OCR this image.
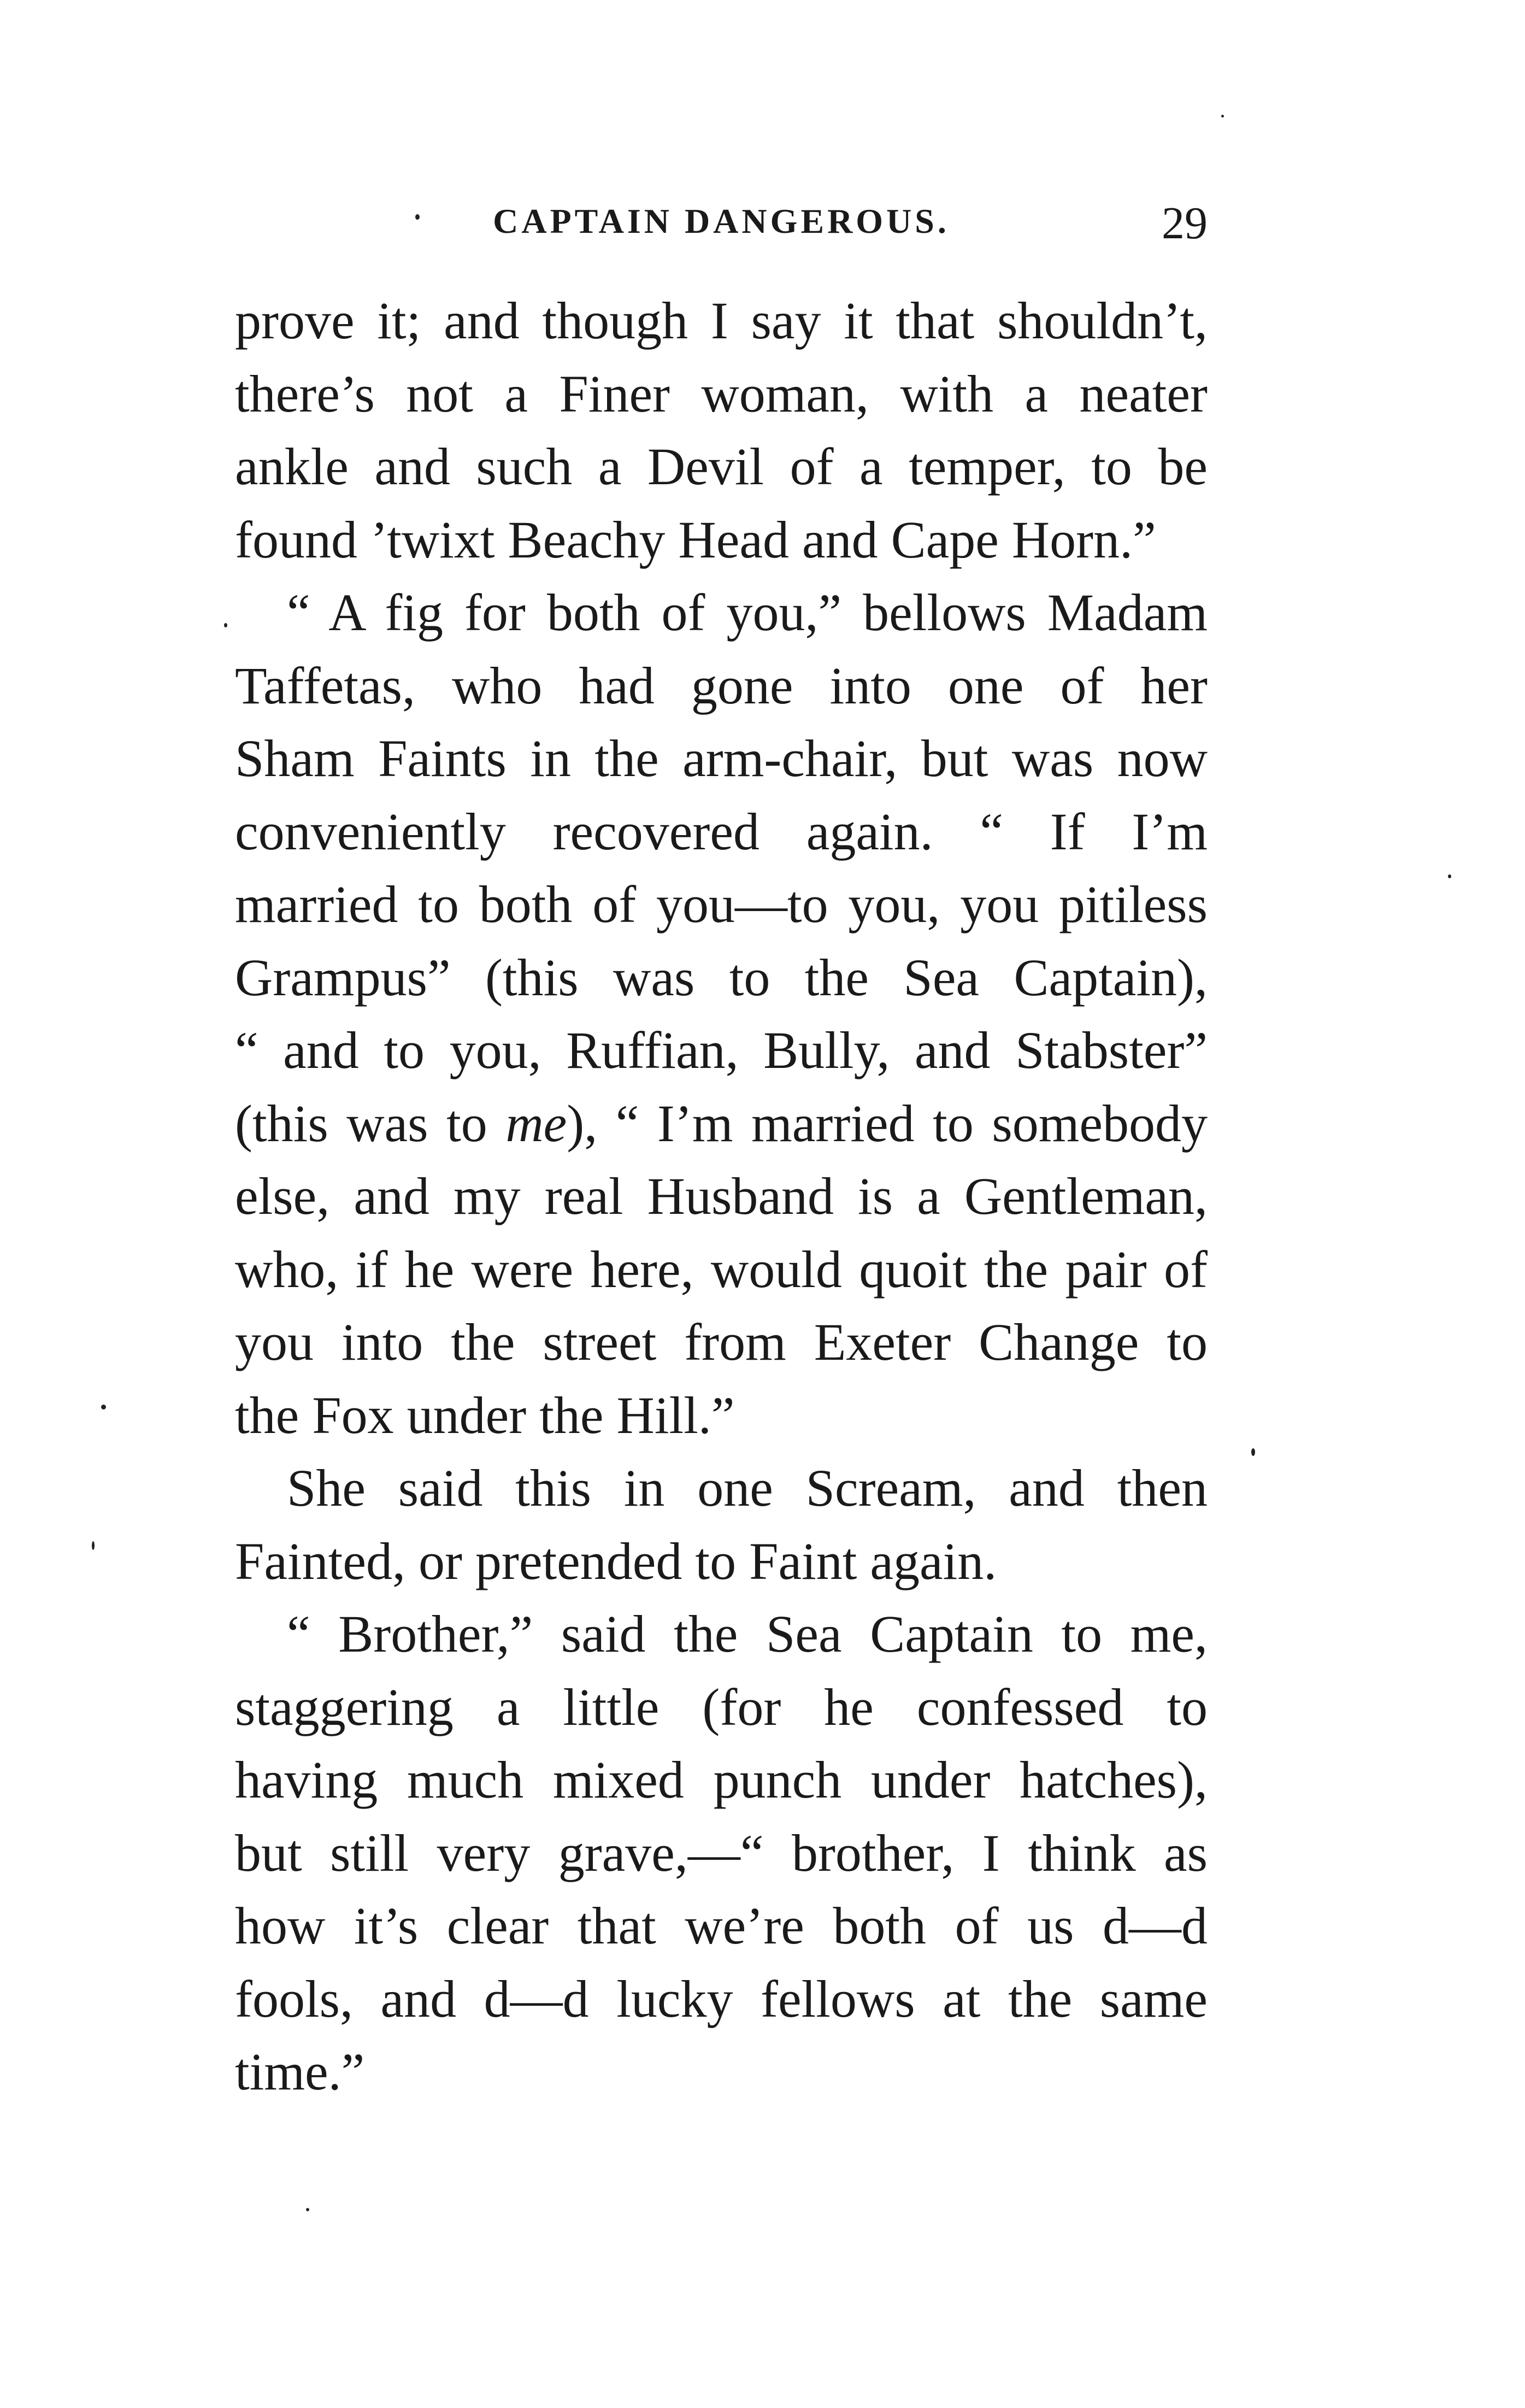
CAPTAIN DANGEROUS.	29
prove it; and though I say it that shouldn’t,
there’s not a Finer woman, with a neater
ankle and such a Devil of a temper, to be
found ’twixt Beachy Head and Cape Horn.”
“ A fig for both of you,” bellows Madam
Taffetas, who had gone into one of her
Sham Faints in the arm-chair, but was now
conveniently recovered again. “ If I’m
married to both of you—to you, you pitiless
Grampus” (this was to the Sea Captain),
“ and to you, Ruffian, Bully, and Stabster”
(this was to me), “ I’m married to somebody
else, and my real Husband is a Gentleman,
who, if he were here, would quoit the pair of
you into the street from Exeter Change to
the Fox under the Hill.”
She said this in one Scream, and then
Fainted, or pretended to Faint again.
“ Brother,” said the Sea Captain to me,
staggering a little (for he confessed to
having much mixed punch under hatches),
but still very grave,—“ brother, I think as
how it’s clear that we’re both of us d—d
fools, and d—d lucky fellows at the same
time.”
